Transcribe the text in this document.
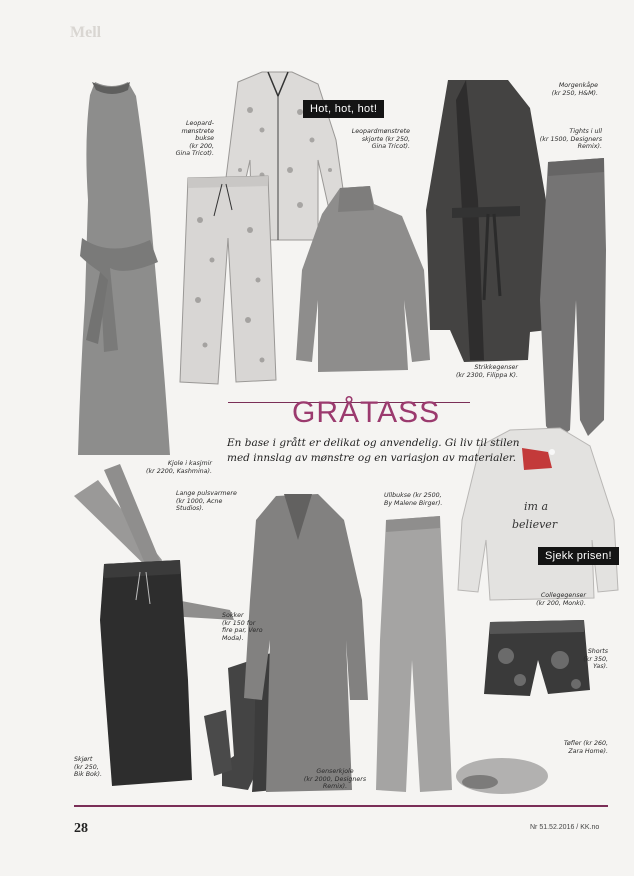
Mell
im a
believer
Hot, hot, hot!
Sjekk prisen!
GRÅTASS
En base i grått er delikat og anvendelig. Gi liv til stilen
med innslag av mønstre og en variasjon av materialer.
Leopard-
mønstrete
bukse
(kr 200,
Gina Tricot).
Leopardmønstrete
skjorte (kr 250,
Gina Tricot).
Morgenkåpe
(kr 250, H&M).
Tights i ull
(kr 1500, Designers
Remix).
Strikkegenser
(kr 2300, Filippa K).
Kjole i kasjmir
(kr 2200, Kashmina).
Lange pulsvarmere
(kr 1000, Acne
Studios).
Ullbukse (kr 2500,
By Malene Birger).
Collegegenser
(kr 200, Monki).
Sokker
(kr 150 for
fire par, Vero
Moda).
Shorts
(kr 350,
Yas).
Tøfler (kr 260,
Zara Home).
Skjørt
(kr 250,
Bik Bok).	Genserkjole
(kr 2000, Designers
Remix).
28	Nr 51.52.2016 / KK.no
